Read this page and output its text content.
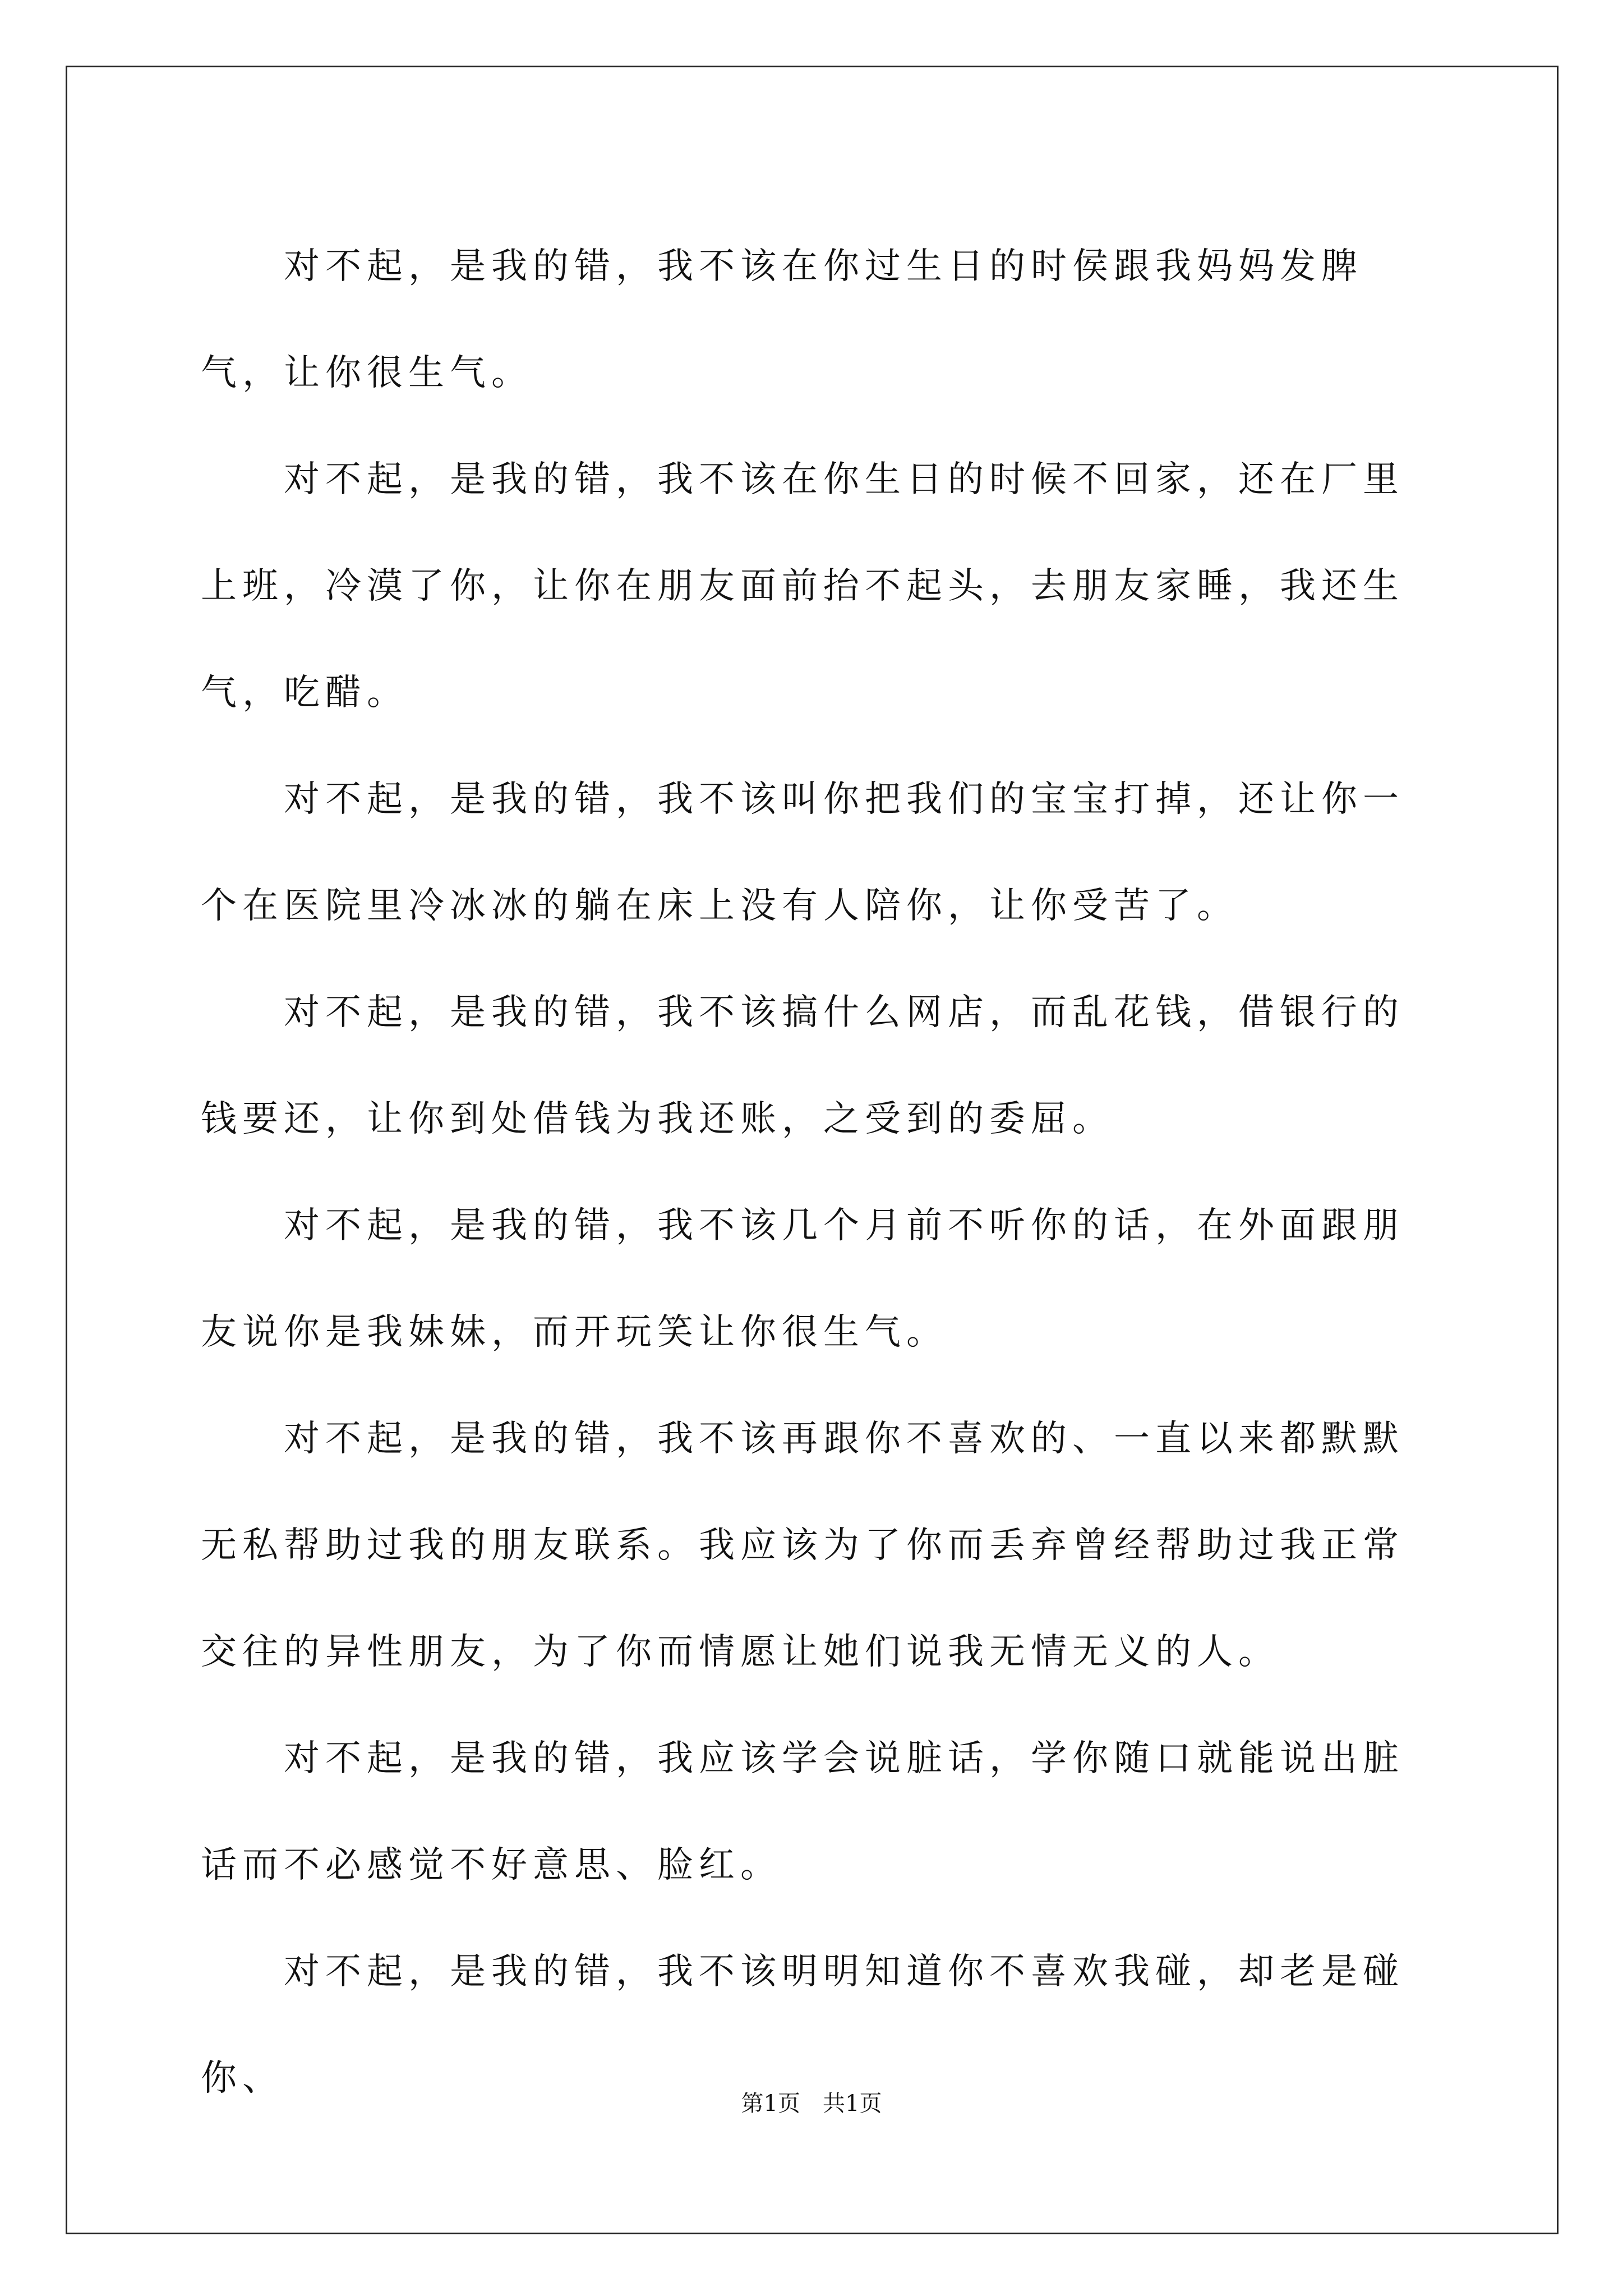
对不起，是我的错，我不该在你过生日的时侯跟我妈妈发脾气，让你很生气。

对不起，是我的错，我不该在你生日的时候不回家，还在厂里上班，冷漠了你，让你在朋友面前抬不起头，去朋友家睡，我还生气，吃醋。

对不起，是我的错，我不该叫你把我们的宝宝打掉，还让你一个在医院里冷冰冰的躺在床上没有人陪你，让你受苦了。

对不起，是我的错，我不该搞什么网店，而乱花钱，借银行的钱要还，让你到处借钱为我还账，之受到的委屈。

对不起，是我的错，我不该几个月前不听你的话，在外面跟朋友说你是我妹妹，而开玩笑让你很生气。

对不起，是我的错，我不该再跟你不喜欢的、一直以来都默默无私帮助过我的朋友联系。我应该为了你而丢弃曾经帮助过我正常交往的异性朋友，为了你而情愿让她们说我无情无义的人。

对不起，是我的错，我应该学会说脏话，学你随口就能说出脏话而不必感觉不好意思、脸红。

对不起，是我的错，我不该明明知道你不喜欢我碰，却老是碰你、

第1页　共1页
